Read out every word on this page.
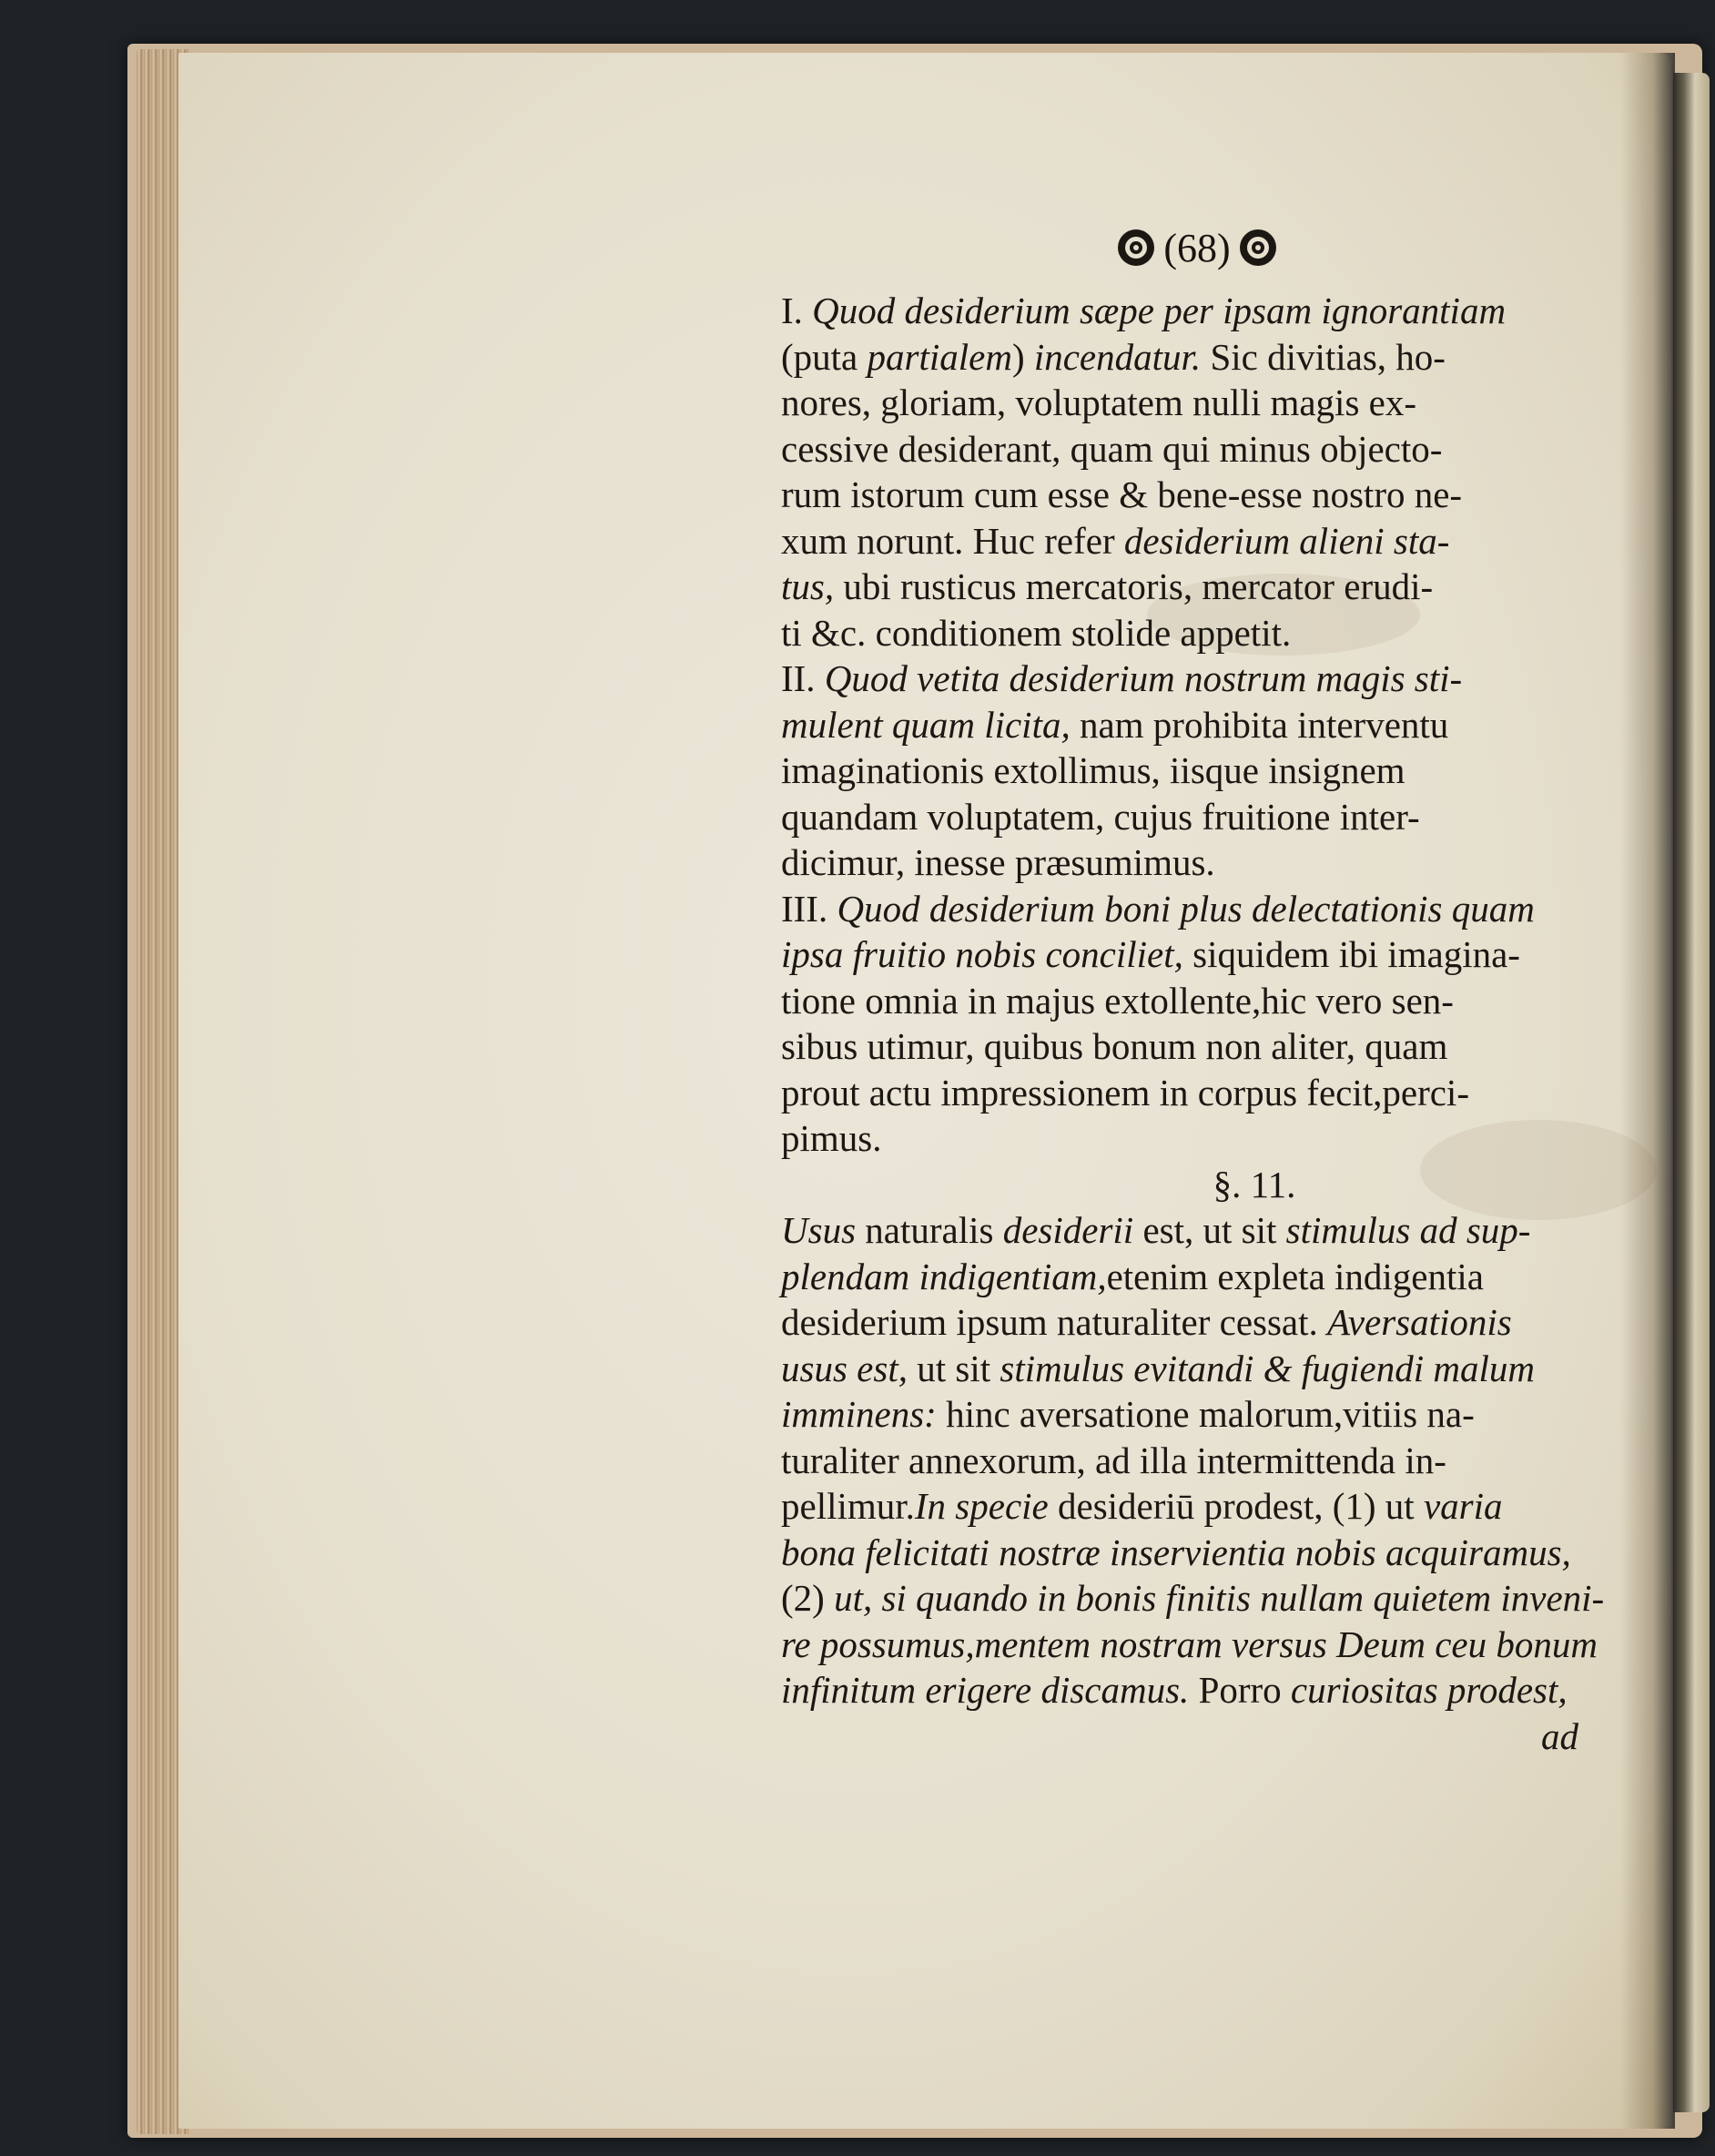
(68)
I. Quod desiderium sæpe per ipsam ignorantiam
(puta partialem) incendatur. Sic divitias, ho-
nores, gloriam, voluptatem nulli magis ex-
cessive desiderant, quam qui minus objecto-
rum istorum cum esse & bene-esse nostro ne-
xum norunt. Huc refer desiderium alieni sta-
tus, ubi rusticus mercatoris, mercator erudi-
ti &c. conditionem stolide appetit.
II. Quod vetita desiderium nostrum magis sti-
mulent quam licita, nam prohibita interventu
imaginationis extollimus, iisque insignem
quandam voluptatem, cujus fruitione inter-
dicimur, inesse præsumimus.
III. Quod desiderium boni plus delectationis quam
ipsa fruitio nobis conciliet, siquidem ibi imagina-
tione omnia in majus extollente,hic vero sen-
sibus utimur, quibus bonum non aliter, quam
prout actu impressionem in corpus fecit,perci-
pimus.
§. 11.
Usus naturalis desiderii est, ut sit stimulus ad sup-
plendam indigentiam,etenim expleta indigentia
desiderium ipsum naturaliter cessat. Aversationis
usus est, ut sit stimulus evitandi & fugiendi malum
imminens: hinc aversatione malorum,vitiis na-
turaliter annexorum, ad illa intermittenda in-
pellimur.In specie desideriū prodest, (1) ut varia
bona felicitati nostræ inservientia nobis acquiramus,
(2) ut, si quando in bonis finitis nullam quietem inveni-
re possumus,mentem nostram versus Deum ceu bonum
infinitum erigere discamus. Porro curiositas prodest,
ad
